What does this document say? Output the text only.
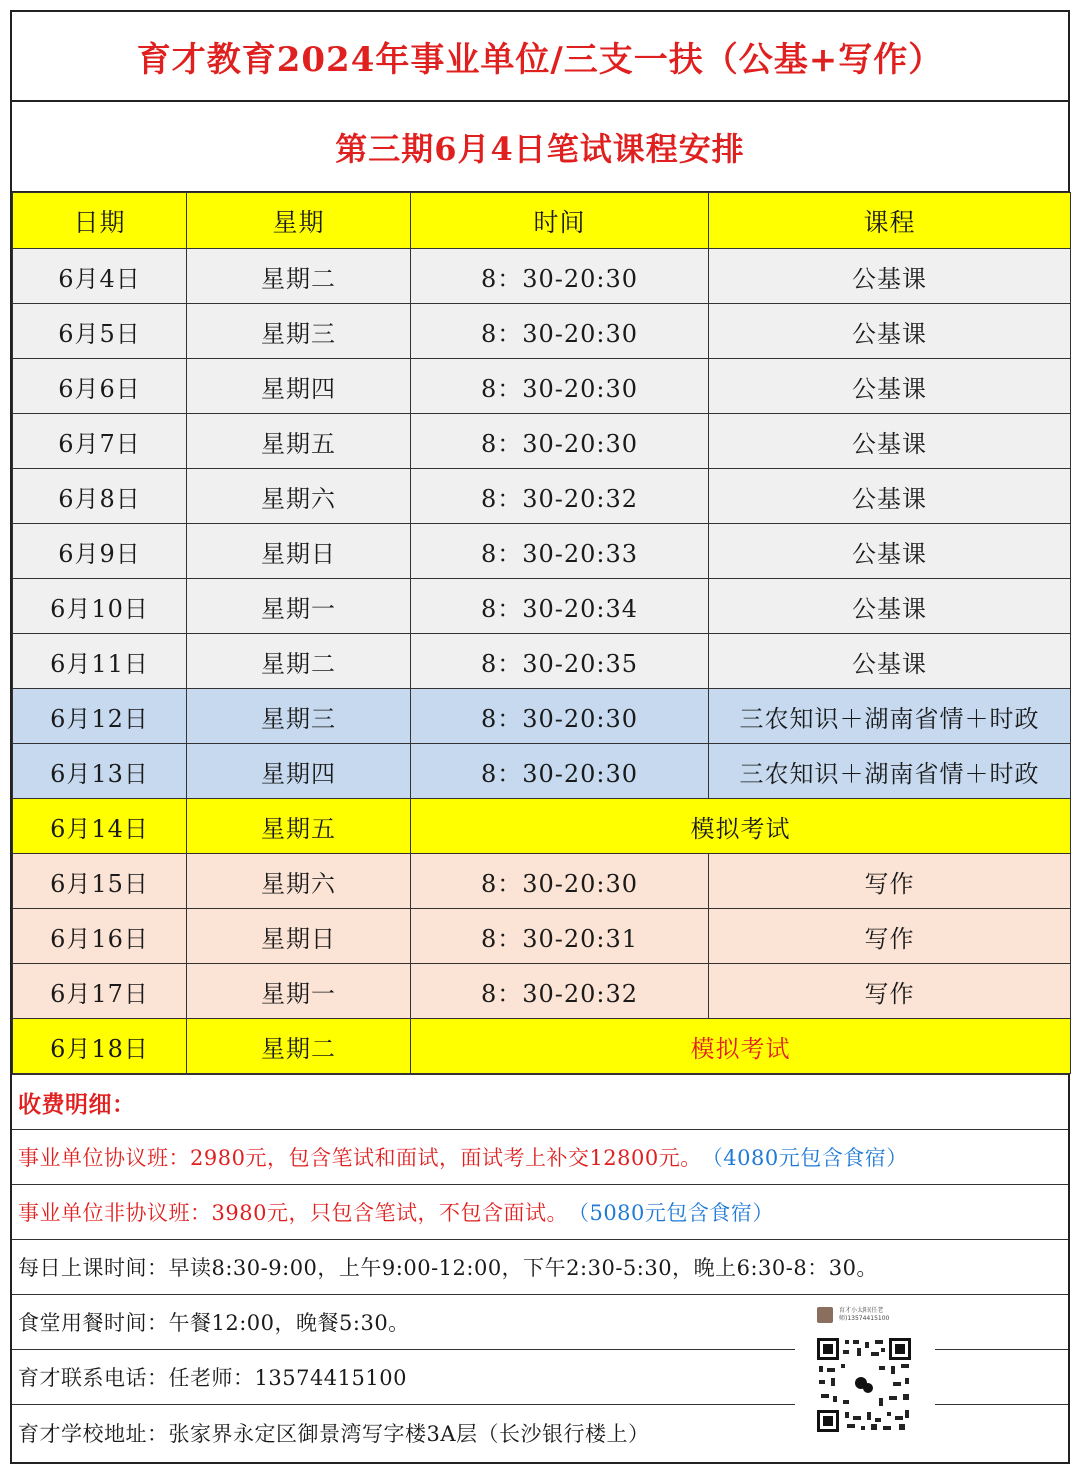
育才教育2024年事业单位/三支一扶（公基+写作）
第三期6月4日笔试课程安排
日期	星期	时间	课程
6月4日	星期二	8：30-20:30	公基课
6月5日	星期三	8：30-20:30	公基课
6月6日	星期四	8：30-20:30	公基课
6月7日	星期五	8：30-20:30	公基课
6月8日	星期六	8：30-20:32	公基课
6月9日	星期日	8：30-20:33	公基课
6月10日	星期一	8：30-20:34	公基课
6月11日	星期二	8：30-20:35	公基课
6月12日	星期三	8：30-20:30	三农知识＋湖南省情＋时政
6月13日	星期四	8：30-20:30	三农知识＋湖南省情＋时政
6月14日	星期五	模拟考试	
6月15日	星期六	8：30-20:30	写作
6月16日	星期日	8：30-20:31	写作
6月17日	星期一	8：30-20:32	写作
6月18日	星期二	模拟考试	
收费明细：
事业单位协议班：2980元，包含笔试和面试，面试考上补交12800元。 （4080元包含食宿）
事业单位非协议班：3980元，只包含笔试，不包含面试。 （5080元包含食宿）
每日上课时间：早读8:30-9:00，上午9:00-12:00，下午2:30-5:30，晚上6:30-8：30。
食堂用餐时间：午餐12:00，晚餐5:30。
育才联系电话：任老师：13574415100
育才学校地址：张家界永定区御景湾写字楼3A层（长沙银行楼上）
育才小太阳(任老
师)13574415100
